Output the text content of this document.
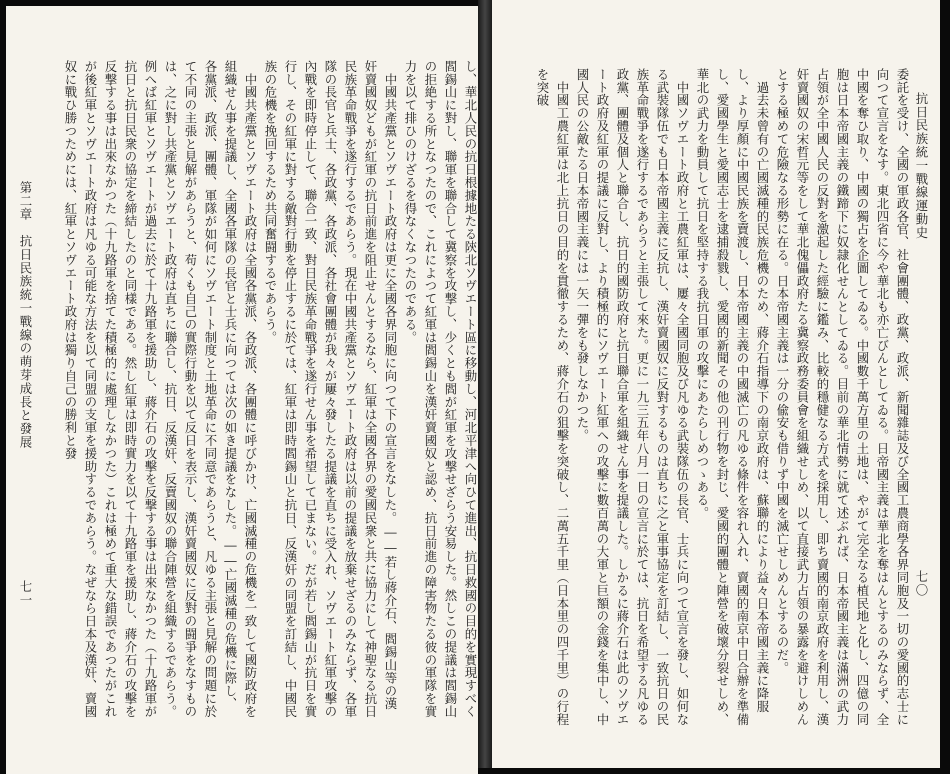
抗日民族統一戰線運動史
七〇
委託を受け、全國の軍政各官、社會團體、政黨、政派、新聞雜誌及び全國工農商學各界同胞及一切の愛國的志士に向つて宣言をなす。東北四省に今や華北も亦亡びんとしてゐる。日帝國主義は華北を奪はんとするのみならず、全中國を奪ひ取り、中國の獨占を企圖してゐる。中國數千萬方里の土地は、やがて完全なる植民地と化し、四億の同胞は日本帝國主義の鐵蹄下に奴隷化せんとしてゐる。目前の華北情勢に就て述ぶれば、日本帝國主義は滿洲の武力占領が全中國人民の反對を激起した經驗に鑑み、比較的穩健なる方式を採用し、即ち賣國的南京政府を利用し、漢奸賣國奴の宋哲元等をして華北傀儡政府たる冀察政務委員會を組織せしめ、以て直接武力占領の暴露を避けしめんとする極めて危險なる形勢に在る。日本帝國主義は一分の偸安も借りず中國を滅亡せしめんとするのだ。
　過去未曾有の亡國滅種的民族危機のため、蔣介石指導下の南京政府は、蘇聯的により益々日本帝國主義に降服し、より厚顏に中國民族を賣渡し、日本帝國主義の中國滅亡の凡ゆる條件を容れ入れ、賣國的南京中日合辦を準備し、愛國學生と愛國志士を逮捕殺戮し、愛國的新聞その他の刊行物を封じ、愛國的團體と陣營を破壞分裂せしめ、華北の武力を動員して抗日を堅持する我抗日軍の攻擊にあたらしめつゝある。
　中國ソヴエート政府と工農紅軍は、屢々全國同胞及び凡ゆる武裝隊伍の長官、士兵に向つて宣言を發し、如何なる武裝隊伍でも日本帝國主義に反抗し、漢奸賣國奴に反對するものは直ちに之と軍事協定を訂結し、一致抗日の民族革命戰爭を遂行するであらうと主張して來た。更に一九三五年八月一日の宣言に於ては、抗日を希望する凡ゆる政黨、團體及個人と聯合し、抗日的國防政府と抗日聯合軍を組織せん事を提議した。しかるに蔣介石は此のソヴエート政府及紅軍の提議に反對し、より積極的にソヴエート紅軍への攻擊に數百萬の大軍と巨額の金錢を集中し、中國人民の公敵たる日本帝國主義には一矢一彈をも發しなかつた。
　中國工農紅軍は北上抗日の目的を貫徹するため、蔣介石の狙擊を突破し、二萬五千里（日本里の四千里）の行程を突破
第二章　抗日民族統一戰線の萌芽成長と發展
七一	し、華北人民の抗日根據地たる陝北ソヴエート區に移動し、河北平津へ向ひて進出、抗日救國の目的を實現すべく閻錫山に對し、聯軍を聯合して冀察を攻撃し、少くとも閻が紅軍を攻撃せざらう安易した。然しこの提議は閻錫山の拒絶する所となつたので、これによつて紅軍は閻錫山を漢奸賣國奴と認め、抗日前進の障害物たる彼の軍隊を實力を以て排ひのけざるを得なくなつたのである。
　中國共產黨とソヴエート政府は更に全國各界同胞に向つて下の宣言をなした。――若し蔣介石、閻錫山等の漢奸賣國奴どもが紅軍の抗日前進を阻止せんとするなら、紅軍は全國各界の愛國民衆と共に協力にして神聖なる抗日民族革命戰爭を遂行するであらう。現在中國共產黨とソヴエート政府は以前の提議を放棄せざるのみならず、各軍隊の長官と兵士、各政黨、各政派、各社會團體が我々が屢々發したる提議を直ちに受入れ、ソヴエート紅軍攻擊の內戰を即時停止して、聯合一致、對日民族革命戰爭を遂行せん事を希望して已まない。だが若し閻錫山が抗日を實行し、その紅軍に對する敵對行動を停止するに於ては、紅軍は即時閻錫山と抗日、反漢奸の同盟を訂結し、中國民族の危機を挽回するため共同奮闘するであらう。
　中國共產黨とソヴエート政府は全國各黨派、各政派、各團體に呼びかけ、亡國滅種の危機を一致して國防政府を組織せん事を提議し、全國各軍隊の長官と士兵に向つては次の如き提議をなした。――亡國滅種の危機に際し、各黨派、政派、團體、軍隊が如何にソヴエート制度と土地革命に不同意であらうと、凡ゆる主張と見解の問題に於て不同の主張と見解があらうと、苟くも自己の實際行動を以て反日を表示し、漢奸賣國奴に反對の闘爭をなすものは、之に對し共產黨とソヴエート政府は直ちに聯合し、抗日、反漢奸、反賣國奴の聯合陣營を組織するであらう。例へば紅軍とソヴエートが過去に於て十九路軍を援助し、蔣介石の攻擊を反撃する事は出來なかつた（十九路軍が抗日と抗日民衆の協定を締結したのと同樣である。然し紅軍は即時實力を以て十九路軍を援助し、蔣介石の攻擊を反撃する事は出來なかつた（十九路軍を捨てた積極的に處理しなかつた）これは極めて重大な錯誤であつたがこれが後紅軍とソヴエート政府は凡ゆる可能な方法を以て同盟の支軍を援助するであらう。なぜなら日本及漢奸、賣國奴に戰ひ勝つためには、紅軍とソヴエート政府は獨り自己の勝利と發
